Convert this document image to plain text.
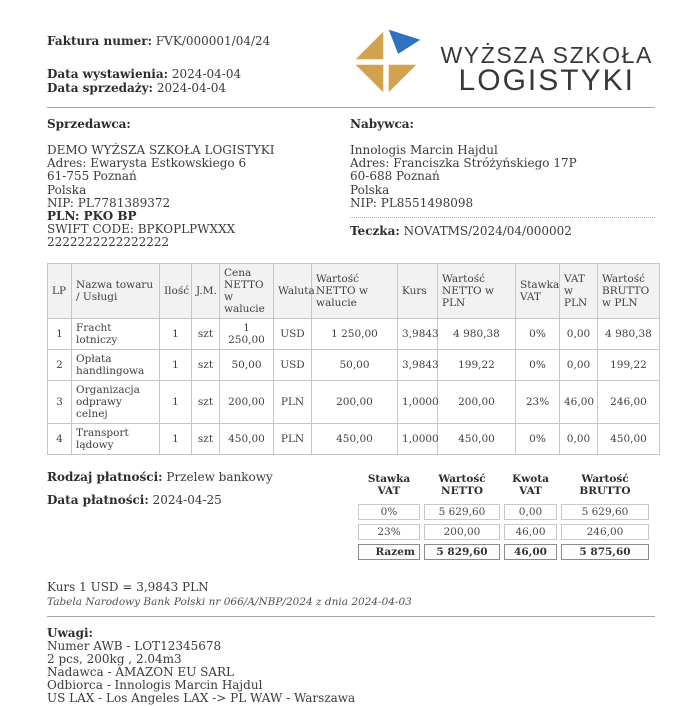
Faktura numer: FVK/000001/04/24
Data wystawienia: 2024-04-04
Data sprzedaży: 2024-04-04
WYŻSZA SZKOŁA
LOGISTYKI
Sprzedawca:
DEMO WYŻSZA SZKOŁA LOGISTYKI
Adres: Ewarysta Estkowskiego 6
61-755 Poznań
Polska
NIP: PL7781389372
PLN: PKO BP
SWIFT CODE: BPKOPLPWXXX
2222222222222222
Nabywca:
Innologis Marcin Hajdul
Adres: Franciszka Stróżyńskiego 17P
60-688 Poznań
Polska
NIP: PL8551498098
Teczka: NOVATMS/2024/04/000002
LP	Nazwa towaru / Usługi	Ilość	J.M.	Cena NETTO w walucie	Waluta	Wartość NETTO w walucie	Kurs	Wartość NETTO w PLN	Stawka VAT	VAT w PLN	Wartość BRUTTO w PLN
1	Fracht lotniczy	1	szt	1 250,00	USD	1 250,00	3,9843	4 980,38	0%	0,00	4 980,38
2	Opłata handlingowa	1	szt	50,00	USD	50,00	3,9843	199,22	0%	0,00	199,22
3	Organizacja odprawy celnej	1	szt	200,00	PLN	200,00	1,0000	200,00	23%	46,00	246,00
4	Transport lądowy	1	szt	450,00	PLN	450,00	1,0000	450,00	0%	0,00	450,00
Rodzaj płatności: Przelew bankowy
Data płatności: 2024-04-25
Stawka VAT	Wartość NETTO	Kwota VAT	Wartość BRUTTO
0%	5 629,60	0,00	5 629,60
23%	200,00	46,00	246,00
Razem	5 829,60	46,00	5 875,60
Kurs 1 USD = 3,9843 PLN
Tabela Narodowy Bank Polski nr 066/A/NBP/2024 z dnia 2024-04-03
Uwagi:
Numer AWB - LOT12345678
2 pcs, 200kg , 2.04m3
Nadawca - AMAZON EU SARL
Odbiorca - Innologis Marcin Hajdul
US LAX - Los Angeles LAX -> PL WAW - Warszawa
